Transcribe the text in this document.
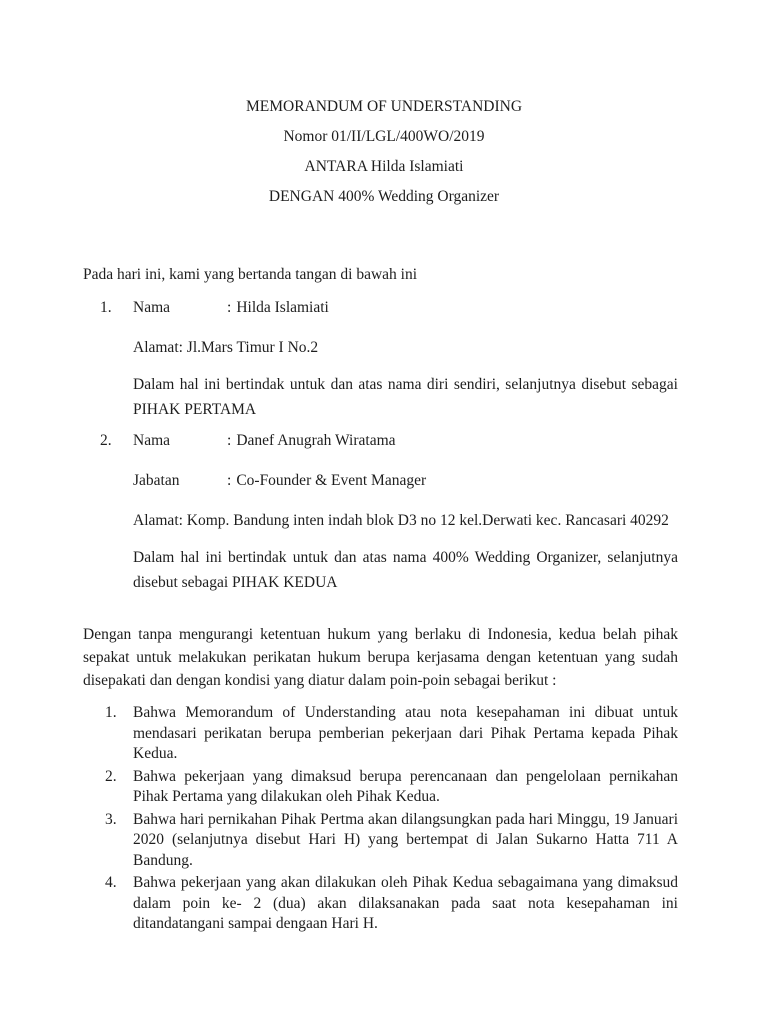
MEMORANDUM OF UNDERSTANDING
Nomor 01/II/LGL/400WO/2019
ANTARA Hilda Islamiati
DENGAN 400% Wedding Organizer

Pada hari ini, kami yang bertanda tangan di bawah ini

1.	Nama	: Hilda Islamiati

Alamat: Jl.Mars Timur I No.2

Dalam hal ini bertindak untuk dan atas nama diri sendiri, selanjutnya disebut sebagai PIHAK PERTAMA

2.	Nama	: Danef Anugrah Wiratama
Jabatan	: Co-Founder & Event Manager

Alamat: Komp. Bandung inten indah blok D3 no 12 kel.Derwati kec. Rancasari 40292

Dalam hal ini bertindak untuk dan atas nama 400% Wedding Organizer, selanjutnya disebut sebagai PIHAK KEDUA

Dengan tanpa mengurangi ketentuan hukum yang berlaku di Indonesia, kedua belah pihak sepakat untuk melakukan perikatan hukum berupa kerjasama dengan ketentuan yang sudah disepakati dan dengan kondisi yang diatur dalam poin-poin sebagai berikut :

1.	Bahwa Memorandum of Understanding atau nota kesepahaman ini dibuat untuk mendasari perikatan berupa pemberian pekerjaan dari Pihak Pertama kepada Pihak Kedua.

2.	Bahwa pekerjaan yang dimaksud berupa perencanaan dan pengelolaan pernikahan Pihak Pertama yang dilakukan oleh Pihak Kedua.

3.	Bahwa hari pernikahan Pihak Pertma akan dilangsungkan pada hari Minggu, 19 Januari 2020 (selanjutnya disebut Hari H) yang bertempat di Jalan Sukarno Hatta 711 A Bandung.

4.	Bahwa pekerjaan yang akan dilakukan oleh Pihak Kedua sebagaimana yang dimaksud dalam poin ke- 2 (dua) akan dilaksanakan pada saat nota kesepahaman ini ditandatangani sampai dengaan Hari H.
